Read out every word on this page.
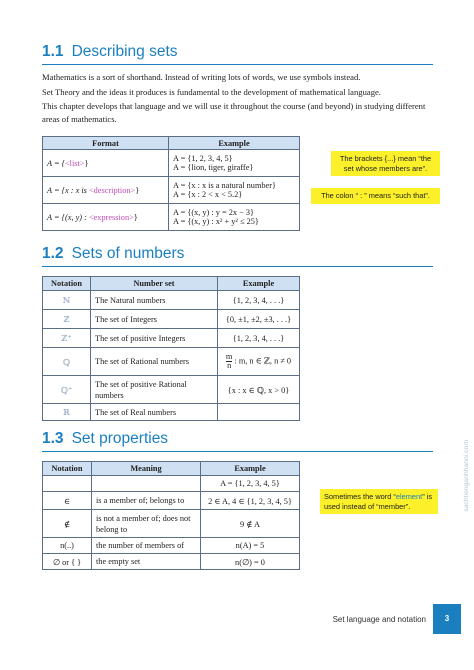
1.1 Describing sets

Mathematics is a sort of shorthand. Instead of writing lots of words, we use symbols instead.

Set Theory and the ideas it produces is fundamental to the development of mathematical language.

This chapter develops that language and we will use it throughout the course (and beyond) in studying different areas of mathematics.

Format	Example
A = {<list>}	A = {1, 2, 3, 4, 5}
A = {lion, tiger, giraffe}

A = {x : x is <description>}	A = {x : x is a natural number}
A = {x : 2 < x < 5.2}

A = {(x, y) : <expression>}	A = {(x, y) : y = 2x − 3}
A = {(x, y) : x² + y² ≤ 25}
The brackets {...} mean “the set whose members are”.
The colon “ : ” means “such that”.
1.2 Sets of numbers
Notation	Number set	Example
ℕ	The Natural numbers	{1, 2, 3, 4, . . .}
ℤ	The set of Integers	{0, ±1, ±2, ±3, . . .}
ℤ⁺	The set of positive Integers	{1, 2, 3, 4, . . .}
ℚ	The set of Rational numbers	$\frac{m}{n}$ : m, n ∈ ℤ, n ≠ 0
ℚ⁺	The set of positive Rational numbers	{x : x ∈ ℚ, x > 0}
ℝ	The set of Real numbers	
1.3 Set properties
Notation	Meaning	Example
		A = {1, 2, 3, 4, 5}
∈	is a member of; belongs to	2 ∈ A, 4 ∈ {1, 2, 3, 4, 5}
∉	is not a member of; does not belong to	9 ∉ A
n(..)	the number of members of	n(A) = 5
∅ or { }	the empty set	n(∅) = 0
Sometimes the word “element” is used instead of “member”.
Set language and notation	3
sachtienganhhanoi.com
